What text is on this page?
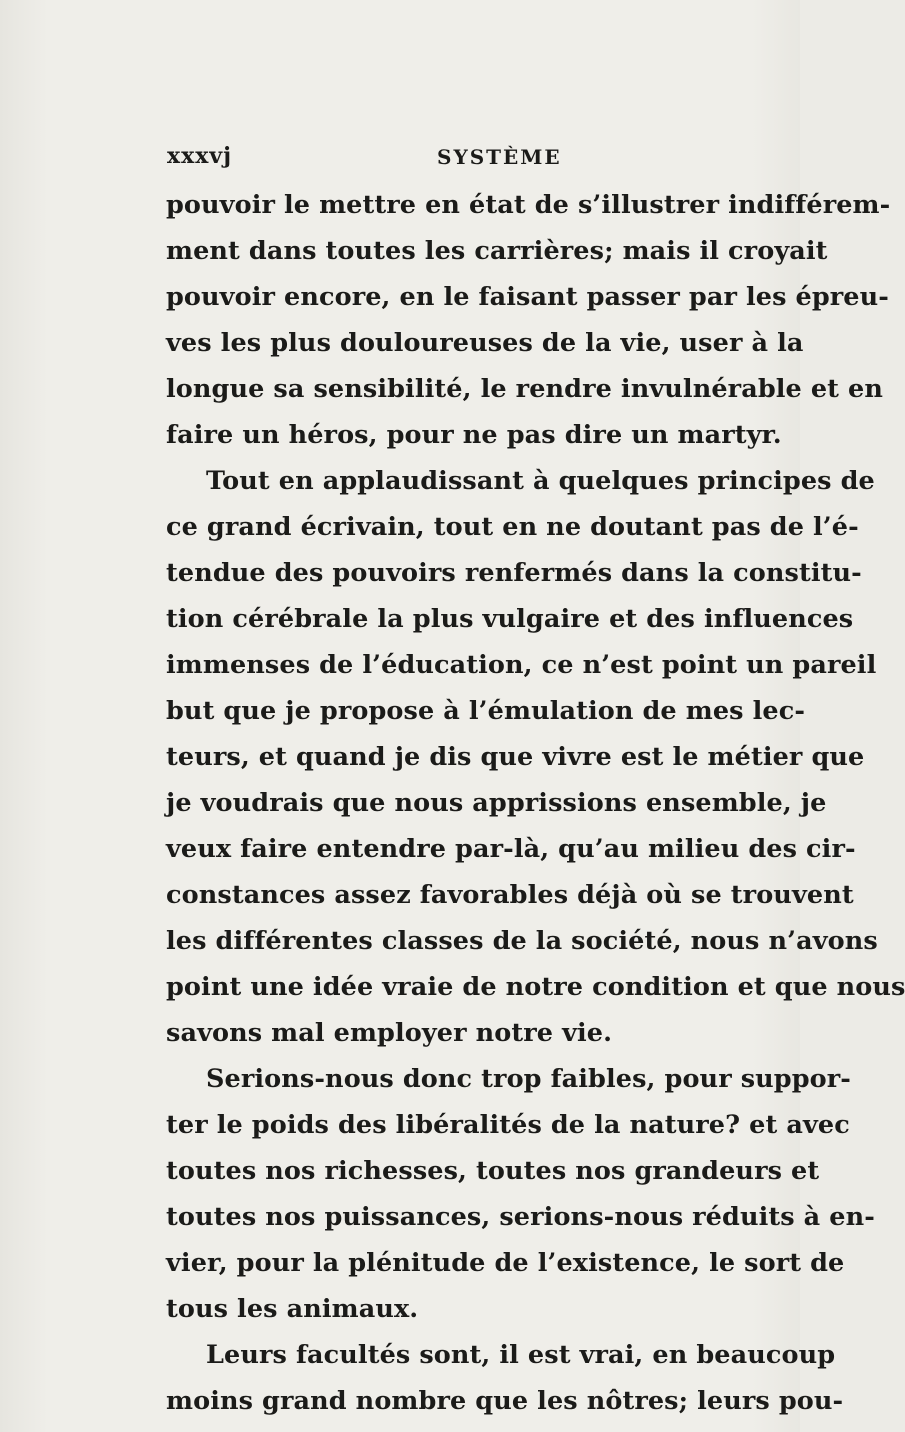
xxxvj	SYSTÈME
pouvoir le mettre en état de s’illustrer indifférem-
ment dans toutes les carrières; mais il croyait
pouvoir encore, en le faisant passer par les épreu-
ves les plus douloureuses de la vie, user à la
longue sa sensibilité, le rendre invulnérable et en
faire un héros, pour ne pas dire un martyr.
Tout en applaudissant à quelques principes de
ce grand écrivain, tout en ne doutant pas de l’é-
tendue des pouvoirs renfermés dans la constitu-
tion cérébrale la plus vulgaire et des influences
immenses de l’éducation, ce n’est point un pareil
but que je propose à l’émulation de mes lec-
teurs, et quand je dis que vivre est le métier que
je voudrais que nous apprissions ensemble, je
veux faire entendre par-là, qu’au milieu des cir-
constances assez favorables déjà où se trouvent
les différentes classes de la société, nous n’avons
point une idée vraie de notre condition et que nous
savons mal employer notre vie.
Serions-nous donc trop faibles, pour suppor-
ter le poids des libéralités de la nature? et avec
toutes nos richesses, toutes nos grandeurs et
toutes nos puissances, serions-nous réduits à en-
vier, pour la plénitude de l’existence, le sort de
tous les animaux.
Leurs facultés sont, il est vrai, en beaucoup
moins grand nombre que les nôtres; leurs pou-
